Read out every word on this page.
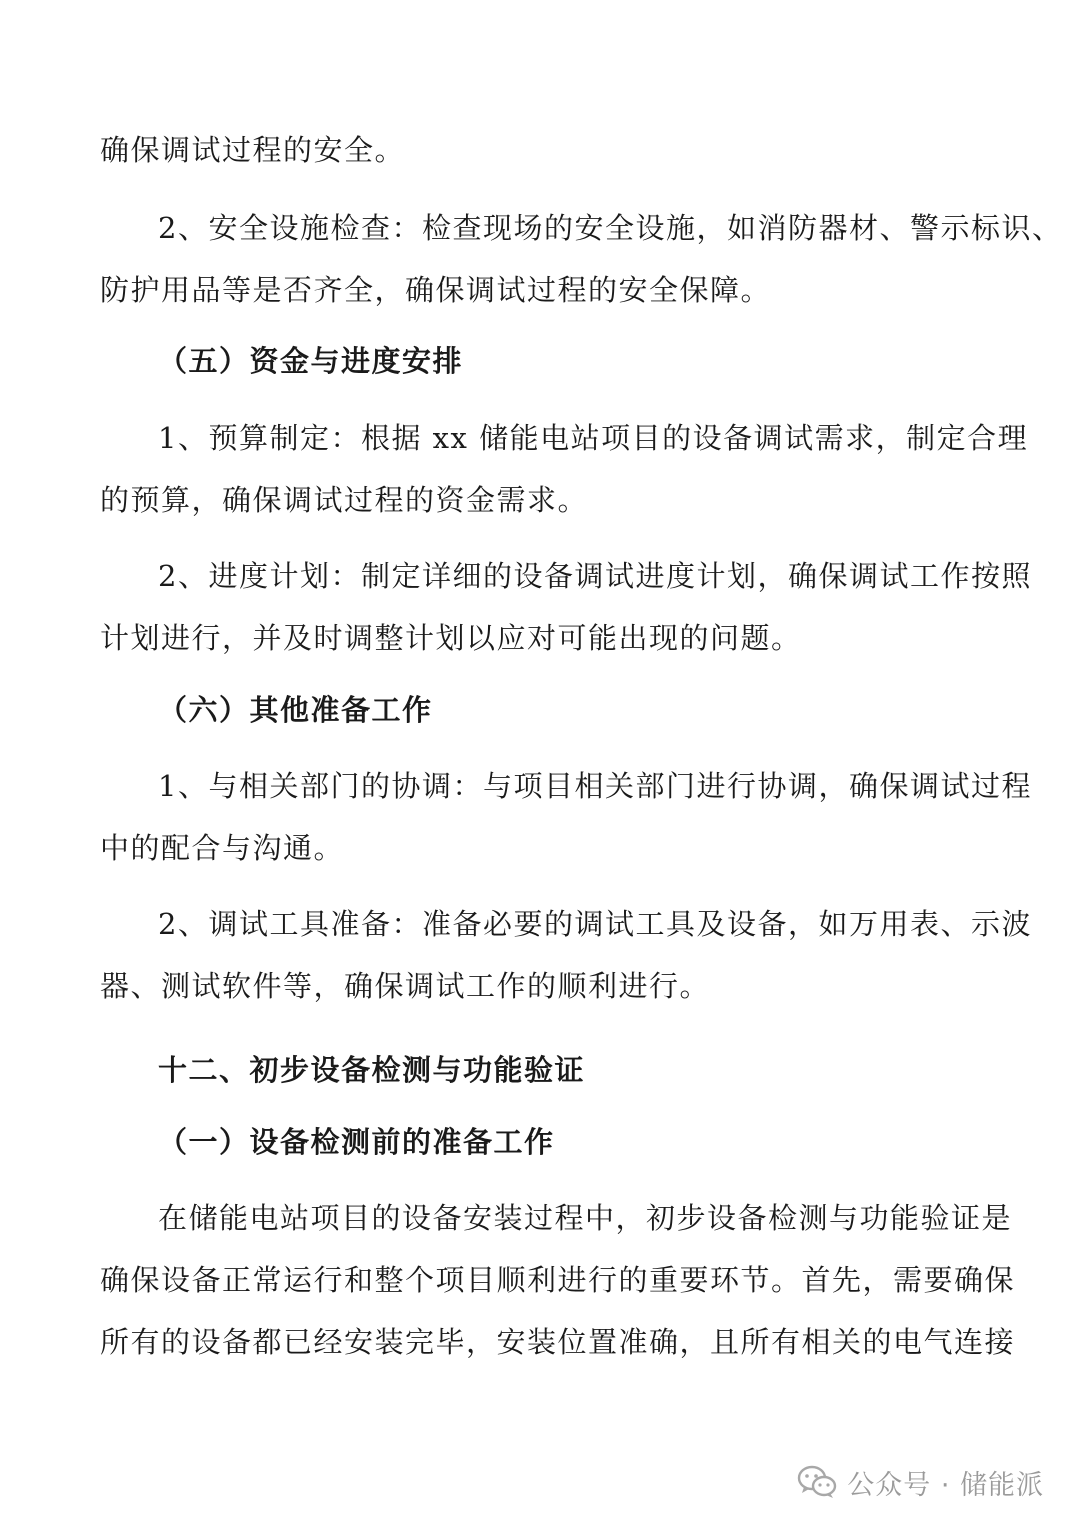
确保调试过程的安全。
2、安全设施检查：检查现场的安全设施，如消防器材、警示标识、
防护用品等是否齐全，确保调试过程的安全保障。
（五）资金与进度安排
1、预算制定：根据 xx 储能电站项目的设备调试需求，制定合理
的预算，确保调试过程的资金需求。
2、进度计划：制定详细的设备调试进度计划，确保调试工作按照
计划进行，并及时调整计划以应对可能出现的问题。
（六）其他准备工作
1、与相关部门的协调：与项目相关部门进行协调，确保调试过程
中的配合与沟通。
2、调试工具准备：准备必要的调试工具及设备，如万用表、示波
器、测试软件等，确保调试工作的顺利进行。
十二、初步设备检测与功能验证
（一）设备检测前的准备工作
在储能电站项目的设备安装过程中，初步设备检测与功能验证是
确保设备正常运行和整个项目顺利进行的重要环节。首先，需要确保
所有的设备都已经安装完毕，安装位置准确，且所有相关的电气连接
公众号 · 储能派
